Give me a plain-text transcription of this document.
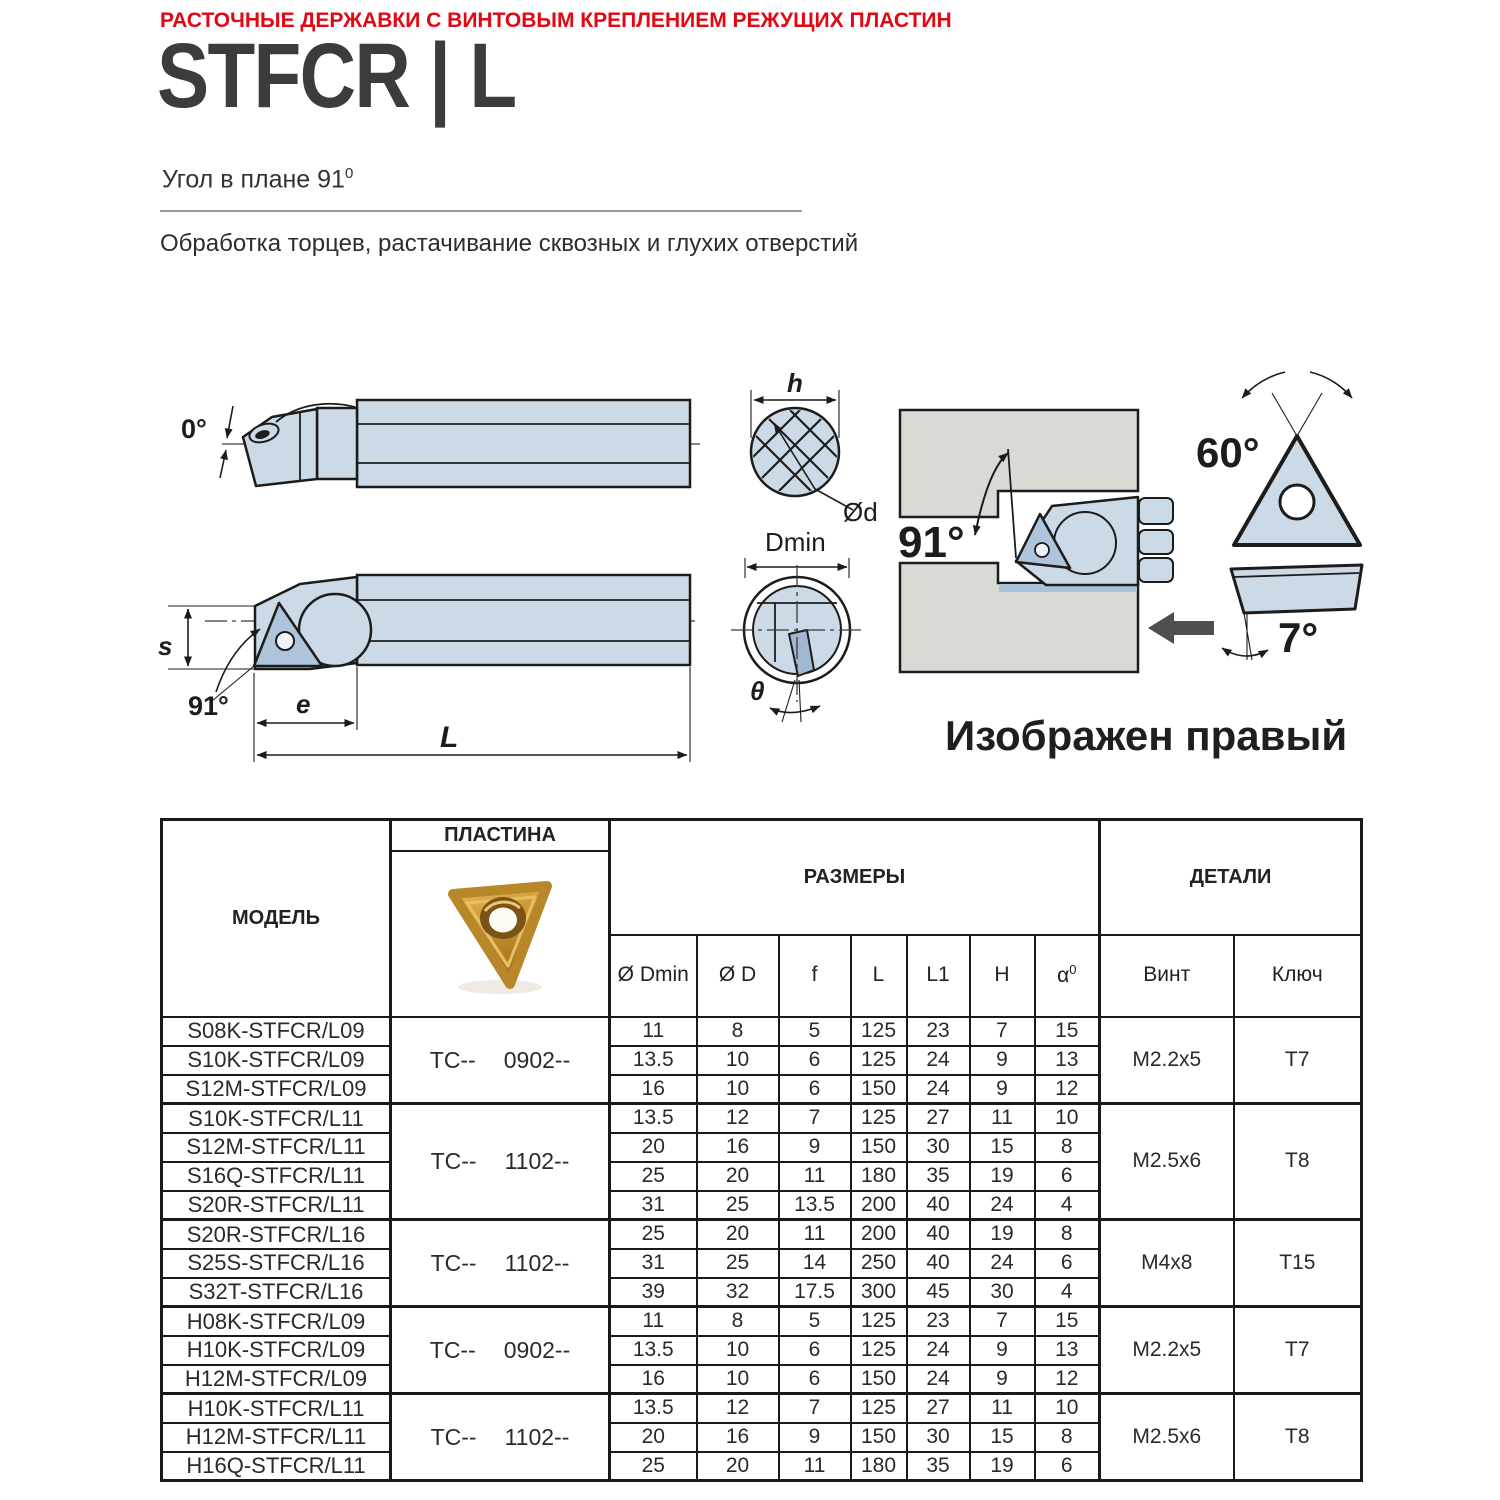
РАСТОЧНЫЕ ДЕРЖАВКИ С ВИНТОВЫМ КРЕПЛЕНИЕМ РЕЖУЩИХ ПЛАСТИН
STFCR | L
Угол в плане $91^0$
Обработка торцев, растачивание сквозных и глухих отверстий
0°
s
91°	e
L
h
Ød
Dmin
θ
91°
60°
7°
Изображен правый
МОДЕЛЬ	ПЛАСТИНА	РАЗМЕРЫ							ДЕТАЛИ	

		Ø Dmin	Ø D	f	L	L1	H	$\alpha^0$	Винт	Ключ
S08K-STFCR/L09	TC-- 0902--	11	8	5	125	23	7	15	M2.2x5	T7
S10K-STFCR/L09		13.5	10	6	125	24	9	13		
S12M-STFCR/L09		16	10	6	150	24	9	12		
S10K-STFCR/L11	TC-- 1102--	13.5	12	7	125	27	11	10	M2.5x6	T8
S12M-STFCR/L11		20	16	9	150	30	15	8		
S16Q-STFCR/L11		25	20	11	180	35	19	6		
S20R-STFCR/L11		31	25	13.5	200	40	24	4		
S20R-STFCR/L16	TC-- 1102--	25	20	11	200	40	19	8	M4x8	T15
S25S-STFCR/L16		31	25	14	250	40	24	6		
S32T-STFCR/L16		39	32	17.5	300	45	30	4		
H08K-STFCR/L09	TC-- 0902--	11	8	5	125	23	7	15	M2.2x5	T7
H10K-STFCR/L09		13.5	10	6	125	24	9	13		
H12M-STFCR/L09		16	10	6	150	24	9	12		
H10K-STFCR/L11	TC-- 1102--	13.5	12	7	125	27	11	10	M2.5x6	T8
H12M-STFCR/L11		20	16	9	150	30	15	8		
H16Q-STFCR/L11		25	20	11	180	35	19	6		
